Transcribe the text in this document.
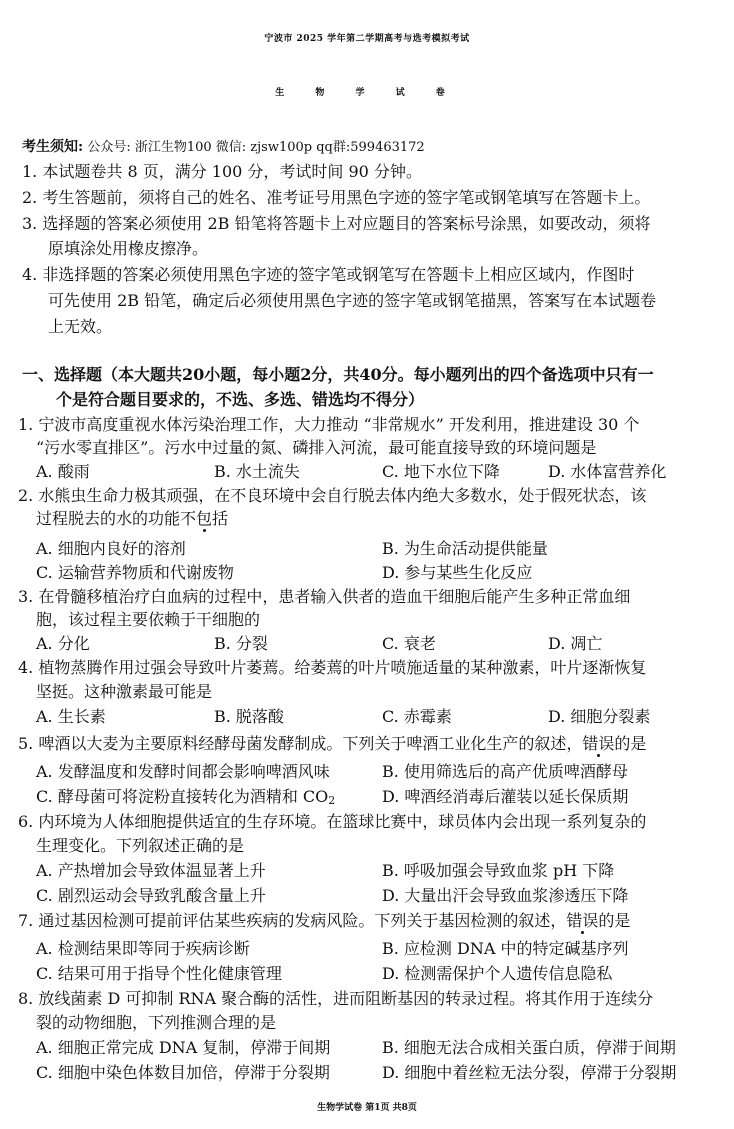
宁波市 2025 学年第二学期高考与选考模拟考试
生 物 学 试 卷
考生须知: 公众号: 浙江生物100 微信: zjsw100p qq群:599463172
1. 本试题卷共 8 页，满分 100 分，考试时间 90 分钟。
2. 考生答题前，须将自己的姓名、准考证号用黑色字迹的签字笔或钢笔填写在答题卡上。
3. 选择题的答案必须使用 2B 铅笔将答题卡上对应题目的答案标号涂黑，如要改动，须将
原填涂处用橡皮擦净。
4. 非选择题的答案必须使用黑色字迹的签字笔或钢笔写在答题卡上相应区域内，作图时
可先使用 2B 铅笔，确定后必须使用黑色字迹的签字笔或钢笔描黑，答案写在本试题卷
上无效。
一、选择题（本大题共20小题，每小题2分，共40分。每小题列出的四个备选项中只有一
个是符合题目要求的，不选、多选、错选均不得分）
1. 宁波市高度重视水体污染治理工作，大力推动 “非常规水” 开发利用，推进建设 30 个
“污水零直排区”。污水中过量的氮、磷排入河流，最可能直接导致的环境问题是
A. 酸雨	B. 水土流失	C. 地下水位下降	D. 水体富营养化
2. 水熊虫生命力极其顽强，在不良环境中会自行脱去体内绝大多数水，处于假死状态，该
过程脱去的水的功能不包括
A. 细胞内良好的溶剂	B. 为生命活动提供能量
C. 运输营养物质和代谢废物	D. 参与某些生化反应
3. 在骨髓移植治疗白血病的过程中，患者输入供者的造血干细胞后能产生多种正常血细
胞，该过程主要依赖于干细胞的
A. 分化	B. 分裂	C. 衰老	D. 凋亡
4. 植物蒸腾作用过强会导致叶片萎蔫。给萎蔫的叶片喷施适量的某种激素，叶片逐渐恢复
坚挺。这种激素最可能是
A. 生长素	B. 脱落酸	C. 赤霉素	D. 细胞分裂素
5. 啤酒以大麦为主要原料经酵母菌发酵制成。下列关于啤酒工业化生产的叙述，错误的是
A. 发酵温度和发酵时间都会影响啤酒风味	B. 使用筛选后的高产优质啤酒酵母
C. 酵母菌可将淀粉直接转化为酒精和 CO2	D. 啤酒经消毒后灌装以延长保质期
6. 内环境为人体细胞提供适宜的生存环境。在篮球比赛中，球员体内会出现一系列复杂的
生理变化。下列叙述正确的是
A. 产热增加会导致体温显著上升	B. 呼吸加强会导致血浆 pH 下降
C. 剧烈运动会导致乳酸含量上升	D. 大量出汗会导致血浆渗透压下降
7. 通过基因检测可提前评估某些疾病的发病风险。下列关于基因检测的叙述，错误的是
A. 检测结果即等同于疾病诊断	B. 应检测 DNA 中的特定碱基序列
C. 结果可用于指导个性化健康管理	D. 检测需保护个人遗传信息隐私
8. 放线菌素 D 可抑制 RNA 聚合酶的活性，进而阻断基因的转录过程。将其作用于连续分
裂的动物细胞，下列推测合理的是
A. 细胞正常完成 DNA 复制，停滞于间期	B. 细胞无法合成相关蛋白质，停滞于间期
C. 细胞中染色体数目加倍，停滞于分裂期	D. 细胞中着丝粒无法分裂，停滞于分裂期
生物学试卷 第1页 共8页
